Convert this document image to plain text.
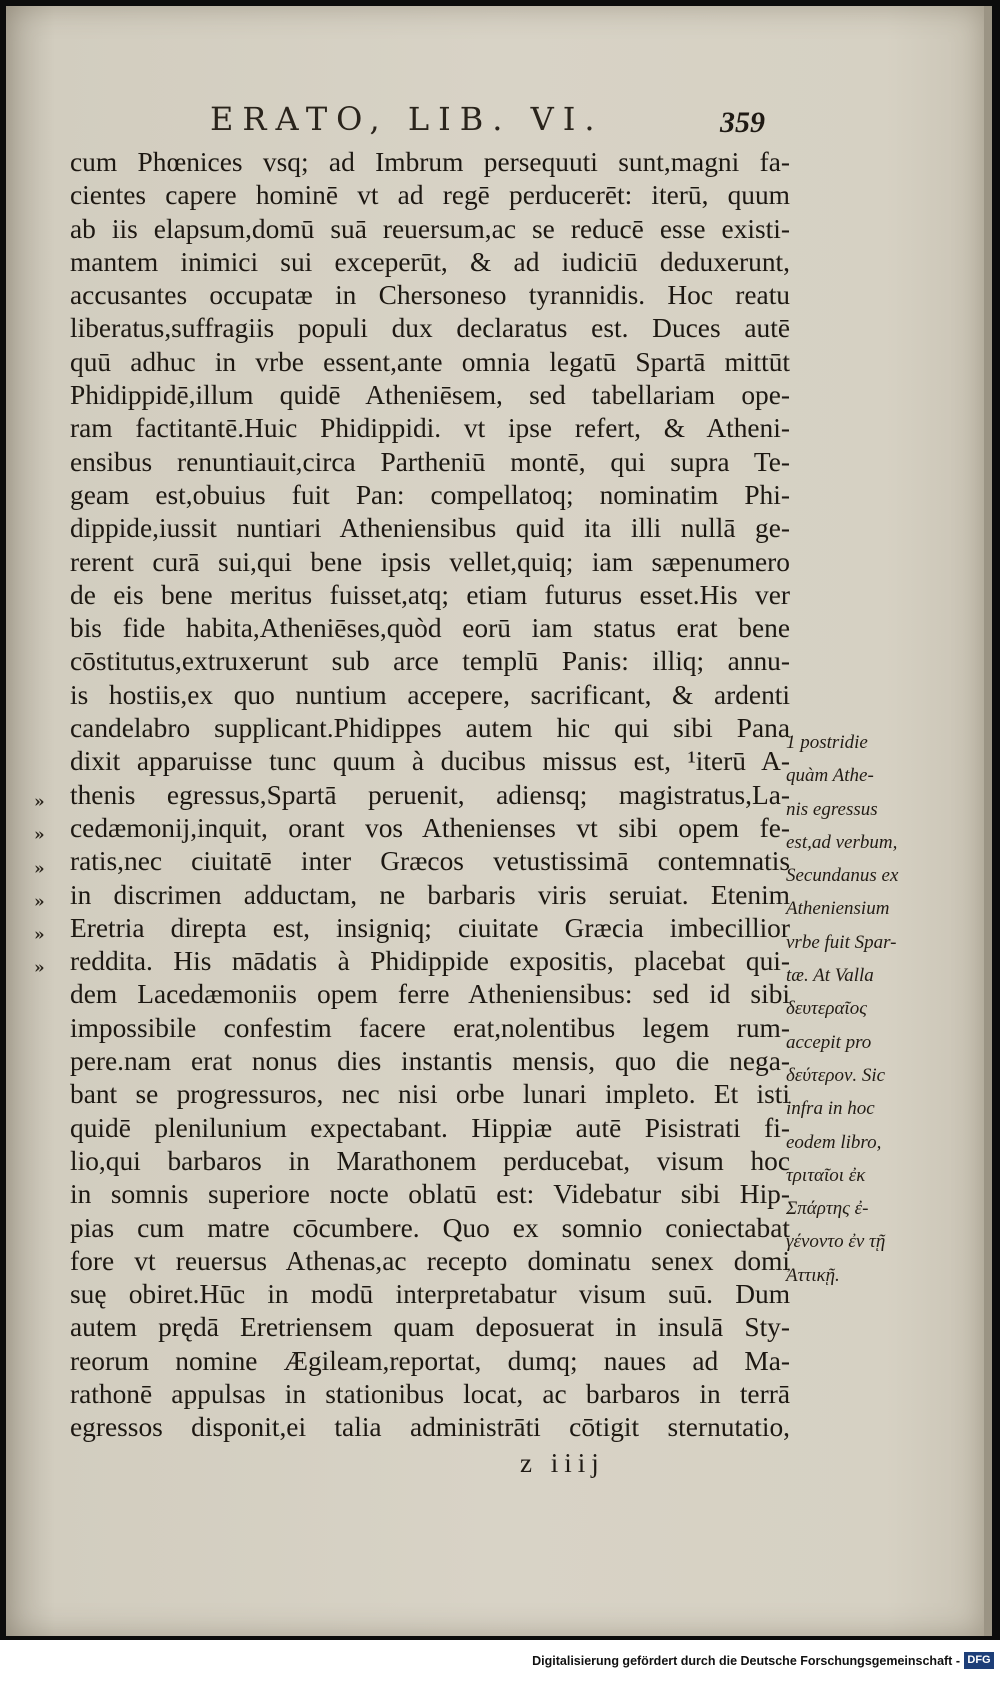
ERATO, LIB. VI.	359
cum Phœnices vsq; ad Imbrum persequuti sunt,magni fa-
cientes capere hominē vt ad regē perducerēt: iterū, quum
ab iis elapsum,domū suā reuersum,ac se reducē esse existi-
mantem inimici sui exceperūt, & ad iudiciū deduxerunt,
accusantes occupatæ in Chersoneso tyrannidis. Hoc reatu
liberatus,suffragiis populi dux declaratus est. Duces autē
quū adhuc in vrbe essent,ante omnia legatū Spartā mittūt
Phidippidē,illum quidē Atheniēsem, sed tabellariam ope-
ram factitantē.Huic Phidippidi. vt ipse refert, & Atheni-
ensibus renuntiauit,circa Partheniū montē, qui supra Te-
geam est,obuius fuit Pan: compellatoq; nominatim Phi-
dippide,iussit nuntiari Atheniensibus quid ita illi nullā ge-
rerent curā sui,qui bene ipsis vellet,quiq; iam sæpenumero
de eis bene meritus fuisset,atq; etiam futurus esset.His ver
bis fide habita,Atheniēses,quòd eorū iam status erat bene
cōstitutus,extruxerunt sub arce templū Panis: illiq; annu-
is hostiis,ex quo nuntium accepere, sacrificant, & ardenti
candelabro supplicant.Phidippes autem hic qui sibi Pana
dixit apparuisse tunc quum à ducibus missus est, ¹iterū A-
thenis egressus,Spartā peruenit, adiensq; magistratus,La-
cedæmonij,inquit, orant vos Athenienses vt sibi opem fe-
ratis,nec ciuitatē inter Græcos vetustissimā contemnatis
in discrimen adductam, ne barbaris viris seruiat. Etenim
Eretria direpta est, insigniq; ciuitate Græcia imbecillior
reddita. His mādatis à Phidippide expositis, placebat qui-
dem Lacedæmoniis opem ferre Atheniensibus: sed id sibi
impossibile confestim facere erat,nolentibus legem rum-
pere.nam erat nonus dies instantis mensis, quo die nega-
bant se progressuros, nec nisi orbe lunari impleto. Et isti
quidē plenilunium expectabant. Hippiæ autē Pisistrati fi-
lio,qui barbaros in Marathonem perducebat, visum hoc
in somnis superiore nocte oblatū est: Videbatur sibi Hip-
pias cum matre cōcumbere. Quo ex somnio coniectabat
fore vt reuersus Athenas,ac recepto dominatu senex domi
suę obiret.Hūc in modū interpretabatur visum suū. Dum
autem prędā Eretriensem quam deposuerat in insulā Sty-
reorum nomine Ægileam,reportat, dumq; naues ad Ma-
rathonē appulsas in stationibus locat, ac barbaros in terrā
egressos disponit,ei talia administrāti cōtigit sternutatio,
»
»
»
»
»
»
1 postridie
quàm Athe-
nis egressus
est,ad verbum,
Secundanus ex
Atheniensium
vrbe fuit Spar-
tæ. At Valla
δευτεραῖος
accepit pro
δεύτερον. Sic
infra in hoc
eodem libro,
τριταῖοι ἐκ
Σπάρτης ἐ-
γένοντο ἐν τῇ
Ἀττικῇ.
z iiij
Digitalisierung gefördert durch die Deutsche Forschungsgemeinschaft - DFG
